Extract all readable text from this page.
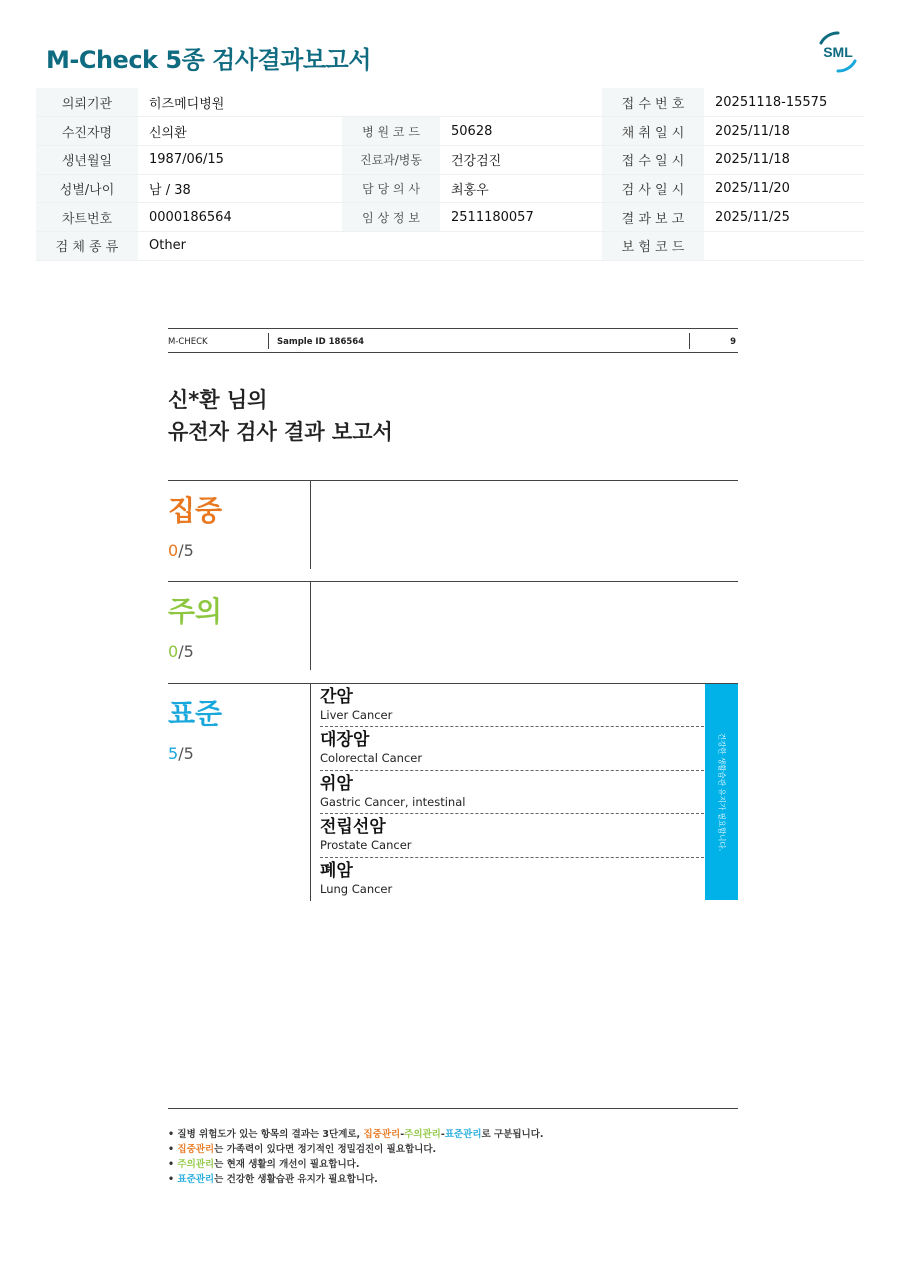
M-Check 5종 검사결과보고서	SML
의뢰기관	히즈메디병원			접 수 번 호	20251118-15575
수진자명	신의환	병 원 코 드	50628	채 취 일 시	2025/11/18
생년월일	1987/06/15	진료과/병동	건강검진	접 수 일 시	2025/11/18
성별/나이	남 / 38	담 당 의 사	최홍우	검 사 일 시	2025/11/20
차트번호	0000186564	임 상 정 보	2511180057	결 과 보 고	2025/11/25
검 체 종 류	Other			보 험 코 드	
M-CHECK	Sample ID 186564	9
신*환 님의
유전자 검사 결과 보고서
집중
0/5
주의
0/5
표준
5/5
간암
Liver Cancer
대장암
Colorectal Cancer
위암
Gastric Cancer, intestinal
전립선암
Prostate Cancer
폐암
Lung Cancer
건강한 생활습관 유지가 필요합니다.
• 질병 위험도가 있는 항목의 결과는 3단계로, 집중관리-주의관리-표준관리로 구분됩니다.
• 집중관리는 가족력이 있다면 정기적인 정밀검진이 필요합니다.
• 주의관리는 현재 생활의 개선이 필요합니다.
• 표준관리는 건강한 생활습관 유지가 필요합니다.
